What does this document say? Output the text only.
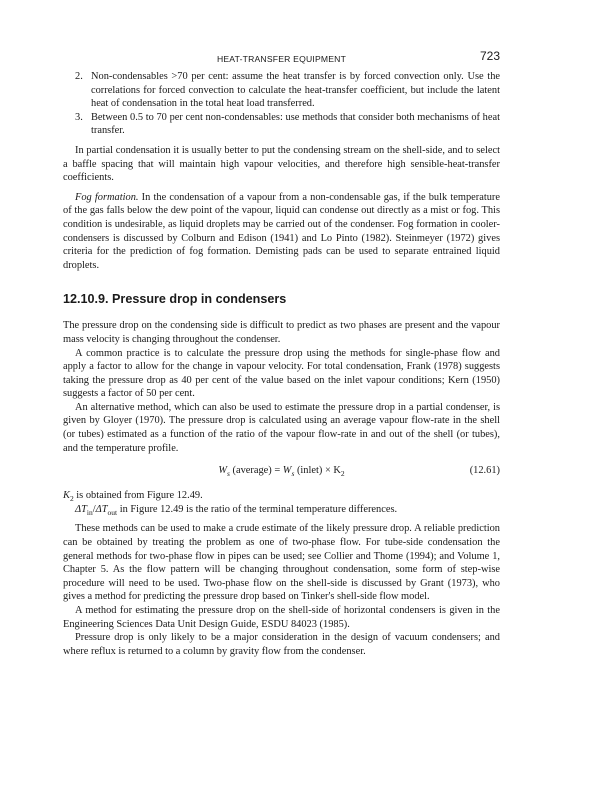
HEAT-TRANSFER EQUIPMENT	723
2. Non-condensables >70 per cent: assume the heat transfer is by forced convection only. Use the correlations for forced convection to calculate the heat-transfer coefficient, but include the latent heat of condensation in the total heat load transferred.
3. Between 0.5 to 70 per cent non-condensables: use methods that consider both mechanisms of heat transfer.

In partial condensation it is usually better to put the condensing stream on the shell-side, and to select a baffle spacing that will maintain high vapour velocities, and therefore high sensible-heat-transfer coefficients.

Fog formation. In the condensation of a vapour from a non-condensable gas, if the bulk temperature of the gas falls below the dew point of the vapour, liquid can condense out directly as a mist or fog. This condition is undesirable, as liquid droplets may be carried out of the condenser. Fog formation in cooler-condensers is discussed by Colburn and Edison (1941) and Lo Pinto (1982). Steinmeyer (1972) gives criteria for the prediction of fog formation. Demisting pads can be used to separate entrained liquid droplets.

12.10.9. Pressure drop in condensers

The pressure drop on the condensing side is difficult to predict as two phases are present and the vapour mass velocity is changing throughout the condenser.

A common practice is to calculate the pressure drop using the methods for single-phase flow and apply a factor to allow for the change in vapour velocity. For total condensation, Frank (1978) suggests taking the pressure drop as 40 per cent of the value based on the inlet vapour conditions; Kern (1950) suggests a factor of 50 per cent.

An alternative method, which can also be used to estimate the pressure drop in a partial condenser, is given by Gloyer (1970). The pressure drop is calculated using an average vapour flow-rate in the shell (or tubes) estimated as a function of the ratio of the vapour flow-rate in and out of the shell (or tubes), and the temperature profile.

$W_s$ (average) = $W_s$ (inlet) × $K_2$	(12.61)

$K_2$ is obtained from Figure 12.49.

$\Delta T_{in}/\Delta T_{out}$ in Figure 12.49 is the ratio of the terminal temperature differences.

These methods can be used to make a crude estimate of the likely pressure drop. A reliable prediction can be obtained by treating the problem as one of two-phase flow. For tube-side condensation the general methods for two-phase flow in pipes can be used; see Collier and Thome (1994); and Volume 1, Chapter 5. As the flow pattern will be changing throughout condensation, some form of step-wise procedure will need to be used. Two-phase flow on the shell-side is discussed by Grant (1973), who gives a method for predicting the pressure drop based on Tinker's shell-side flow model.

A method for estimating the pressure drop on the shell-side of horizontal condensers is given in the Engineering Sciences Data Unit Design Guide, ESDU 84023 (1985).

Pressure drop is only likely to be a major consideration in the design of vacuum condensers; and where reflux is returned to a column by gravity flow from the condenser.
